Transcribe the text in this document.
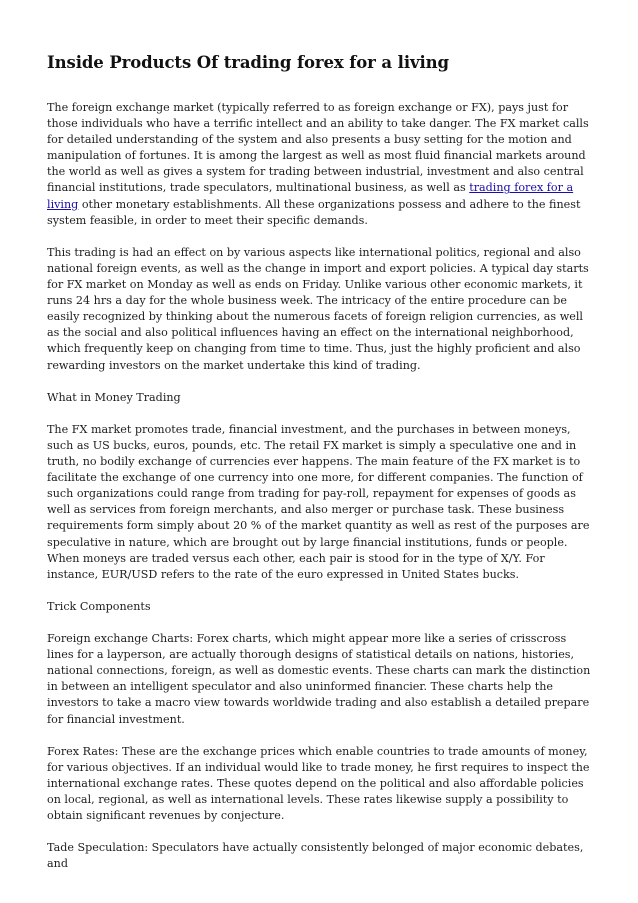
Inside Products Of trading forex for a living

The foreign exchange market (typically referred to as foreign exchange or FX), pays just for those individuals who have a terrific intellect and an ability to take danger. The FX market calls for detailed understanding of the system and also presents a busy setting for the motion and manipulation of fortunes. It is among the largest as well as most fluid financial markets around the world as well as gives a system for trading between industrial, investment and also central financial institutions, trade speculators, multinational business, as well as trading forex for a living other monetary establishments. All these organizations possess and adhere to the finest system feasible, in order to meet their specific demands.

This trading is had an effect on by various aspects like international politics, regional and also national foreign events, as well as the change in import and export policies. A typical day starts for FX market on Monday as well as ends on Friday. Unlike various other economic markets, it runs 24 hrs a day for the whole business week. The intricacy of the entire procedure can be easily recognized by thinking about the numerous facets of foreign religion currencies, as well as the social and also political influences having an effect on the international neighborhood, which frequently keep on changing from time to time. Thus, just the highly proficient and also rewarding investors on the market undertake this kind of trading.

What in Money Trading

The FX market promotes trade, financial investment, and the purchases in between moneys, such as US bucks, euros, pounds, etc. The retail FX market is simply a speculative one and in truth, no bodily exchange of currencies ever happens. The main feature of the FX market is to facilitate the exchange of one currency into one more, for different companies. The function of such organizations could range from trading for pay-roll, repayment for expenses of goods as well as services from foreign merchants, and also merger or purchase task. These business requirements form simply about 20 % of the market quantity as well as rest of the purposes are speculative in nature, which are brought out by large financial institutions, funds or people. When moneys are traded versus each other, each pair is stood for in the type of X/Y. For instance, EUR/USD refers to the rate of the euro expressed in United States bucks.

Trick Components

Foreign exchange Charts: Forex charts, which might appear more like a series of crisscross lines for a layperson, are actually thorough designs of statistical details on nations, histories, national connections, foreign, as well as domestic events. These charts can mark the distinction in between an intelligent speculator and also uninformed financier. These charts help the investors to take a macro view towards worldwide trading and also establish a detailed prepare for financial investment.

Forex Rates: These are the exchange prices which enable countries to trade amounts of money, for various objectives. If an individual would like to trade money, he first requires to inspect the international exchange rates. These quotes depend on the political and also affordable policies on local, regional, as well as international levels. These rates likewise supply a possibility to obtain significant revenues by conjecture.

Tade Speculation: Speculators have actually consistently belonged of major economic debates, and
